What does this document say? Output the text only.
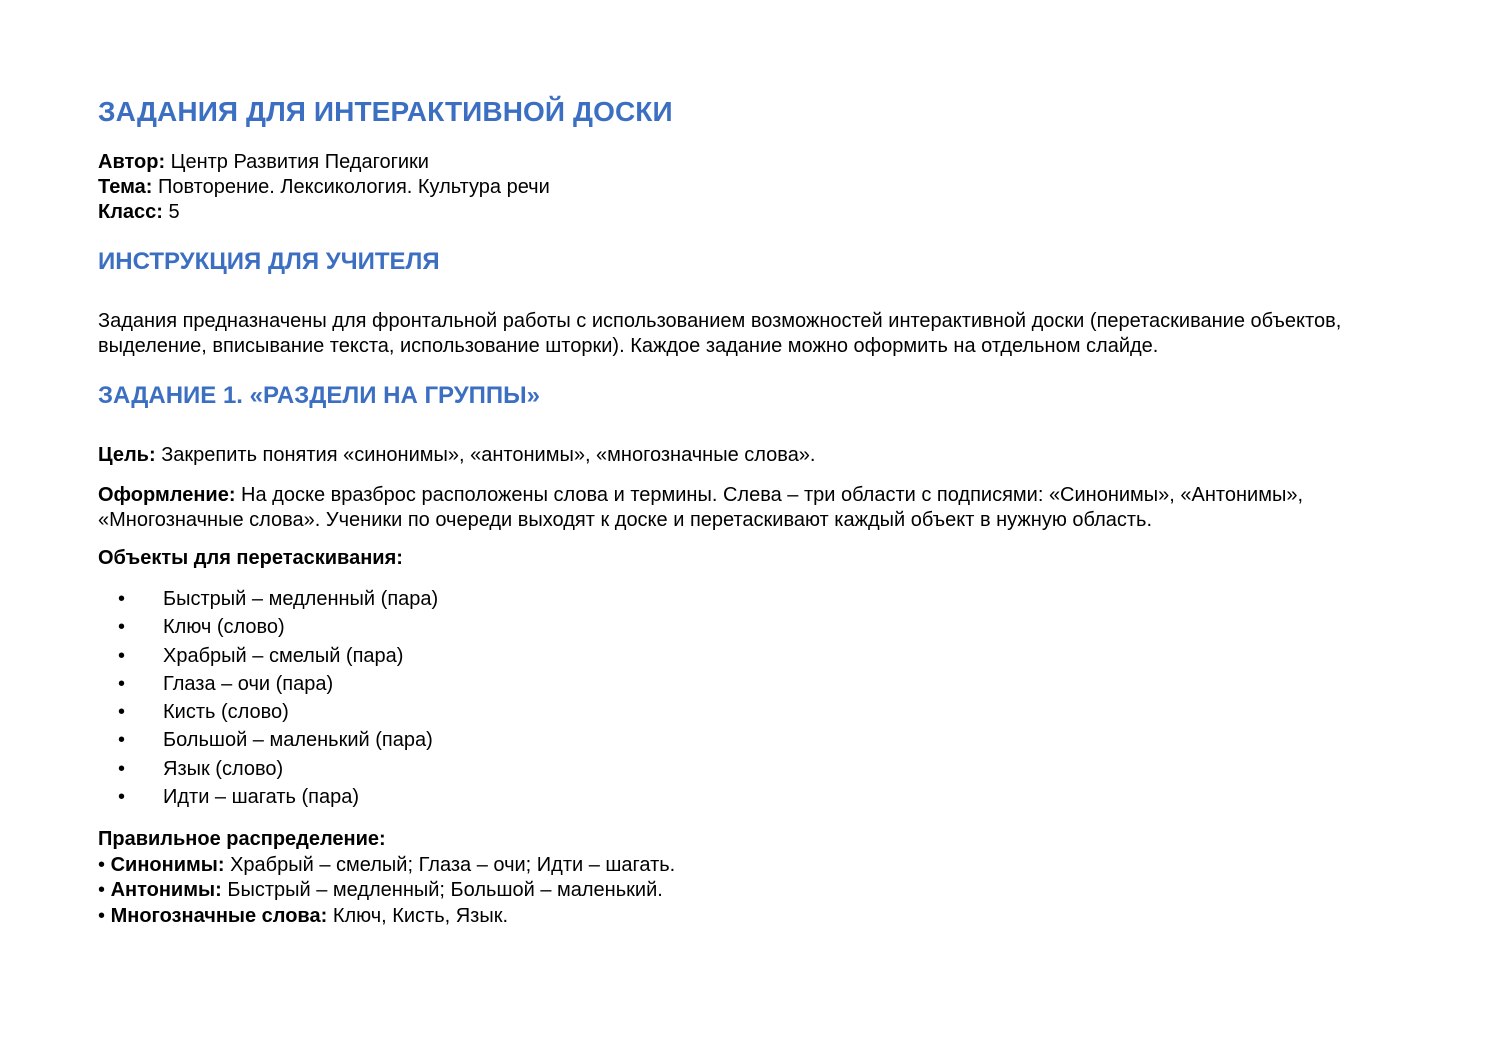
ЗАДАНИЯ ДЛЯ ИНТЕРАКТИВНОЙ ДОСКИ
Автор: Центр Развития Педагогики
Тема: Повторение. Лексикология. Культура речи
Класс: 5
ИНСТРУКЦИЯ ДЛЯ УЧИТЕЛЯ

Задания предназначены для фронтальной работы с использованием возможностей интерактивной доски (перетаскивание объектов, выделение, вписывание текста, использование шторки). Каждое задание можно оформить на отдельном слайде.

ЗАДАНИЕ 1. «РАЗДЕЛИ НА ГРУППЫ»

Цель: Закрепить понятия «синонимы», «антонимы», «многозначные слова».

Оформление: На доске вразброс расположены слова и термины. Слева – три области с подписями: «Синонимы», «Антонимы», «Многозначные слова». Ученики по очереди выходят к доске и перетаскивают каждый объект в нужную область.

Объекты для перетаскивания:

• Быстрый – медленный (пара)
• Ключ (слово)
• Храбрый – смелый (пара)
• Глаза – очи (пара)
• Кисть (слово)
• Большой – маленький (пара)
• Язык (слово)
• Идти – шагать (пара)
Правильное распределение:
• Синонимы: Храбрый – смелый; Глаза – очи; Идти – шагать.
• Антонимы: Быстрый – медленный; Большой – маленький.
• Многозначные слова: Ключ, Кисть, Язык.
